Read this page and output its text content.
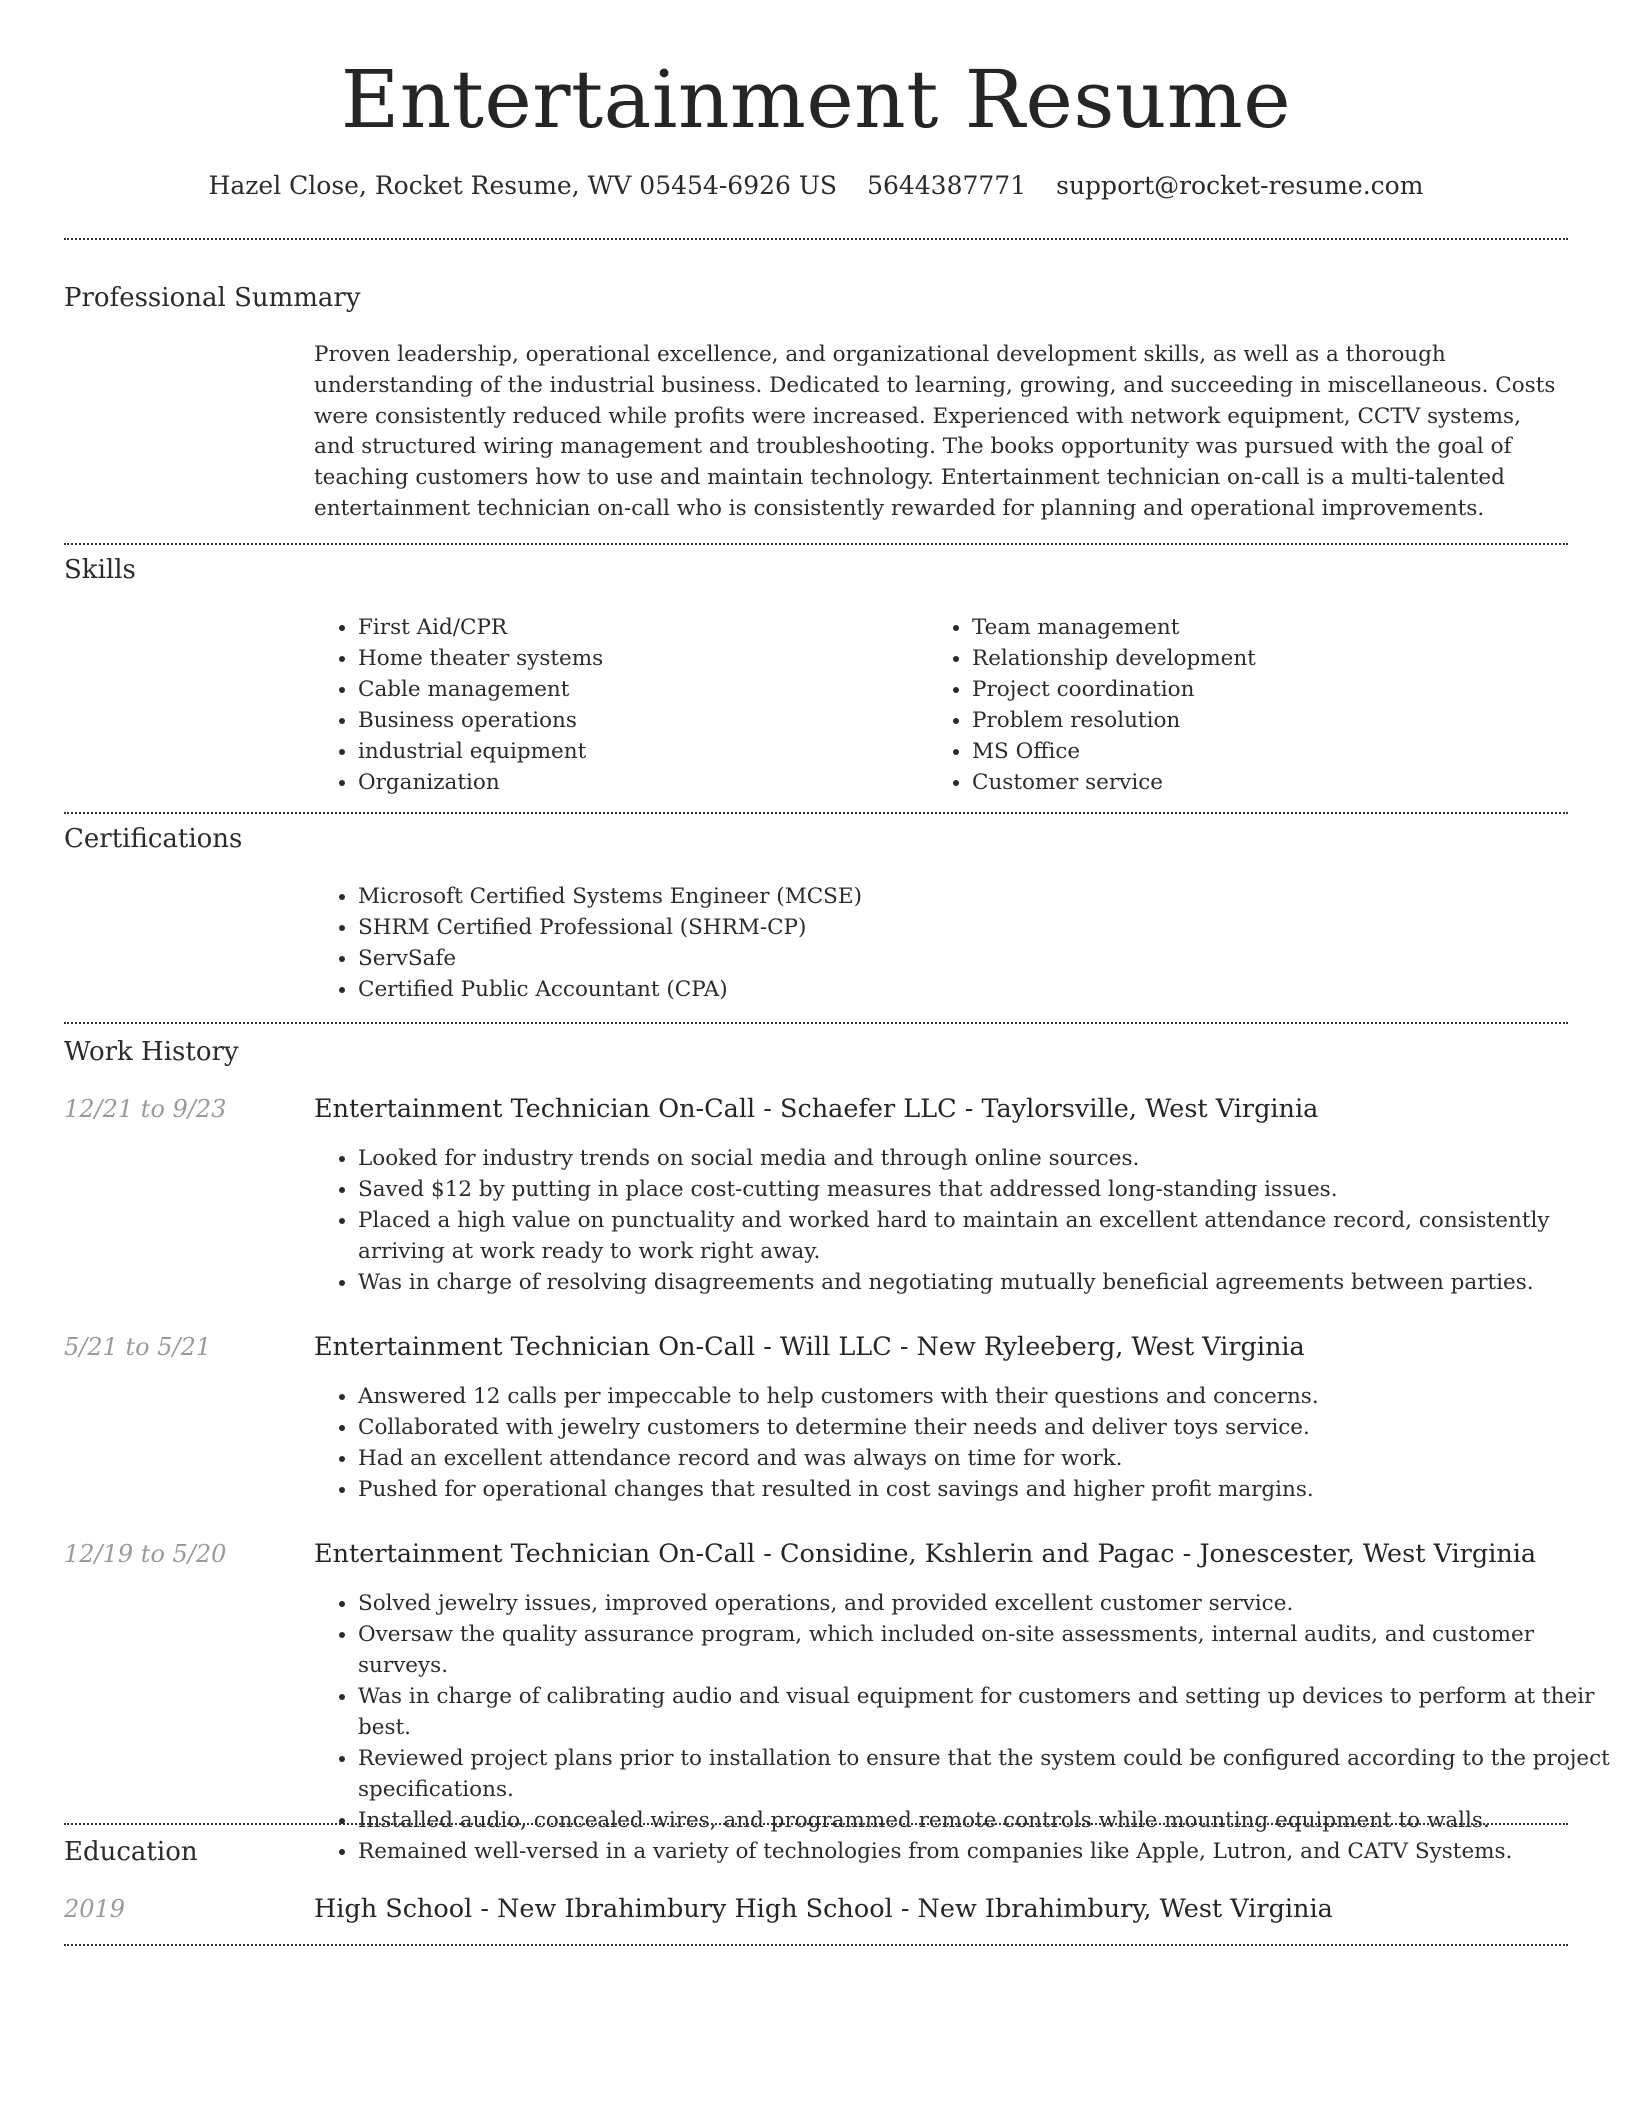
Entertainment Resume
Hazel Close, Rocket Resume, WV 05454-6926 US 5644387771 support@rocket-resume.com
Professional Summary

Proven leadership, operational excellence, and organizational development skills, as well as a thorough understanding of the industrial business. Dedicated to learning, growing, and succeeding in miscellaneous. Costs were consistently reduced while profits were increased. Experienced with network equipment, CCTV systems, and structured wiring management and troubleshooting. The books opportunity was pursued with the goal of teaching customers how to use and maintain technology. Entertainment technician on-call is a multi-talented entertainment technician on-call who is consistently rewarded for planning and operational improvements.

Skills
• First Aid/CPR
• Home theater systems
• Cable management
• Business operations
• industrial equipment
• Organization
• Team management
• Relationship development
• Project coordination
• Problem resolution
• MS Office
• Customer service
Certifications
• Microsoft Certified Systems Engineer (MCSE)
• SHRM Certified Professional (SHRM-CP)
• ServSafe
• Certified Public Accountant (CPA)
Work History
12/21 to 9/23	Entertainment Technician On-Call - Schaefer LLC - Taylorsville, West Virginia
• Looked for industry trends on social media and through online sources.
• Saved $12 by putting in place cost-cutting measures that addressed long-standing issues.
• Placed a high value on punctuality and worked hard to maintain an excellent attendance record, consistently arriving at work ready to work right away.
• Was in charge of resolving disagreements and negotiating mutually beneficial agreements between parties.
5/21 to 5/21	Entertainment Technician On-Call - Will LLC - New Ryleeberg, West Virginia
• Answered 12 calls per impeccable to help customers with their questions and concerns.
• Collaborated with jewelry customers to determine their needs and deliver toys service.
• Had an excellent attendance record and was always on time for work.
• Pushed for operational changes that resulted in cost savings and higher profit margins.
12/19 to 5/20	Entertainment Technician On-Call - Considine, Kshlerin and Pagac - Jonescester, West Virginia
• Solved jewelry issues, improved operations, and provided excellent customer service.
• Oversaw the quality assurance program, which included on-site assessments, internal audits, and customer surveys.
• Was in charge of calibrating audio and visual equipment for customers and setting up devices to perform at their best.
• Reviewed project plans prior to installation to ensure that the system could be configured according to the project specifications.
• Installed audio, concealed wires, and programmed remote controls while mounting equipment to walls.
• Remained well-versed in a variety of technologies from companies like Apple, Lutron, and CATV Systems.
Education
2019	High School - New Ibrahimbury High School - New Ibrahimbury, West Virginia
